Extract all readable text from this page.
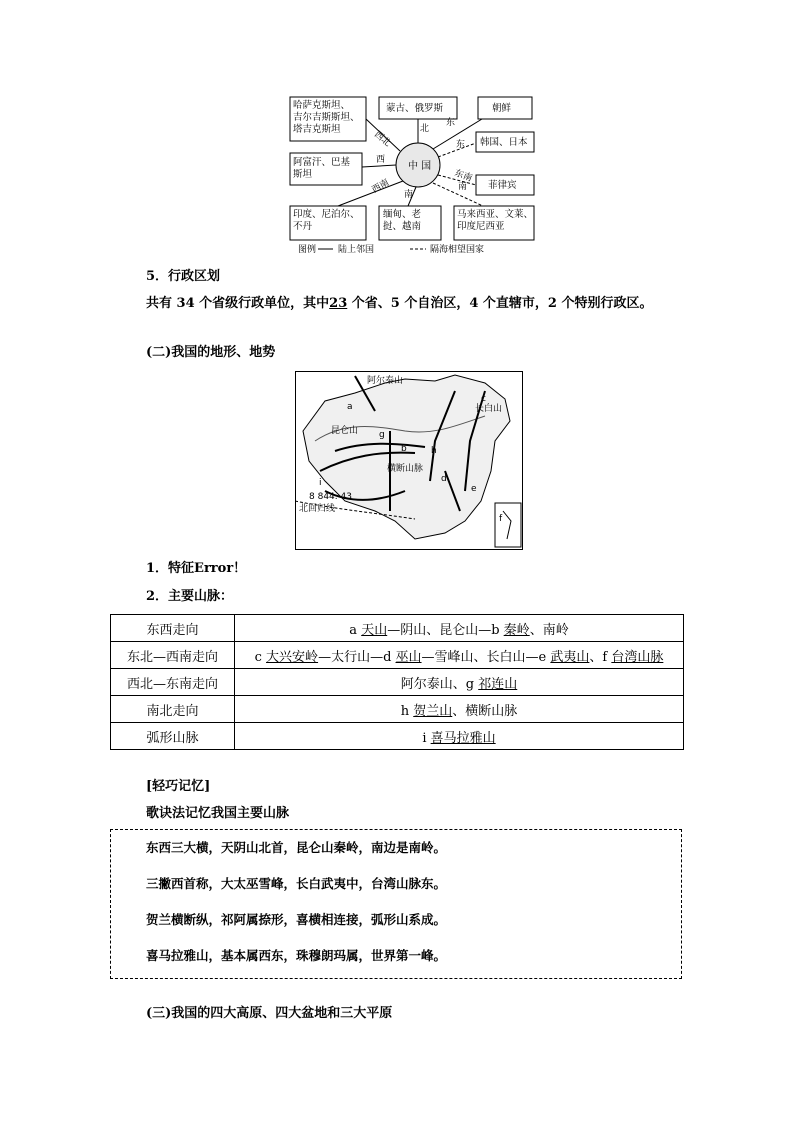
中 国
西北
北
东
东
西
东南
南
西南 南
哈萨克斯坦、
吉尔吉斯斯坦、
塔吉克斯坦
蒙古、俄罗斯	朝鲜
韩国、日本
阿富汗、巴基
斯坦
菲律宾
印度、尼泊尔、
不丹
缅甸、老
挝、越南
马来西亚、文莱、
印度尼西亚
图例 陆上邻国	隔海相望国家
5．行政区划
共有 34 个省级行政单位，其中23 个省、5 个自治区，4 个直辖市，2 个特别行政区。
(二)我国的地形、地势
阿尔泰山
昆仑山
横断山脉
长白山
北回归线
8 844. 43
a
b
c
d
e
f
g
h
i
1．特征Error！
2．主要山脉：
东西走向	a 天山—阴山、昆仑山—b 秦岭、南岭
东北—西南走向	c 大兴安岭—太行山—d 巫山—雪峰山、长白山—e 武夷山、f 台湾山脉
西北—东南走向	阿尔泰山、g 祁连山
南北走向	h 贺兰山、横断山脉
弧形山脉	i 喜马拉雅山
[轻巧记忆]
歌诀法记忆我国主要山脉
东西三大横，天阴山北首，昆仑山秦岭，南边是南岭。
三撇西首称，大太巫雪峰，长白武夷中，台湾山脉东。
贺兰横断纵，祁阿属捺形，喜横相连接，弧形山系成。
喜马拉雅山，基本属西东，珠穆朗玛属，世界第一峰。
(三)我国的四大高原、四大盆地和三大平原
